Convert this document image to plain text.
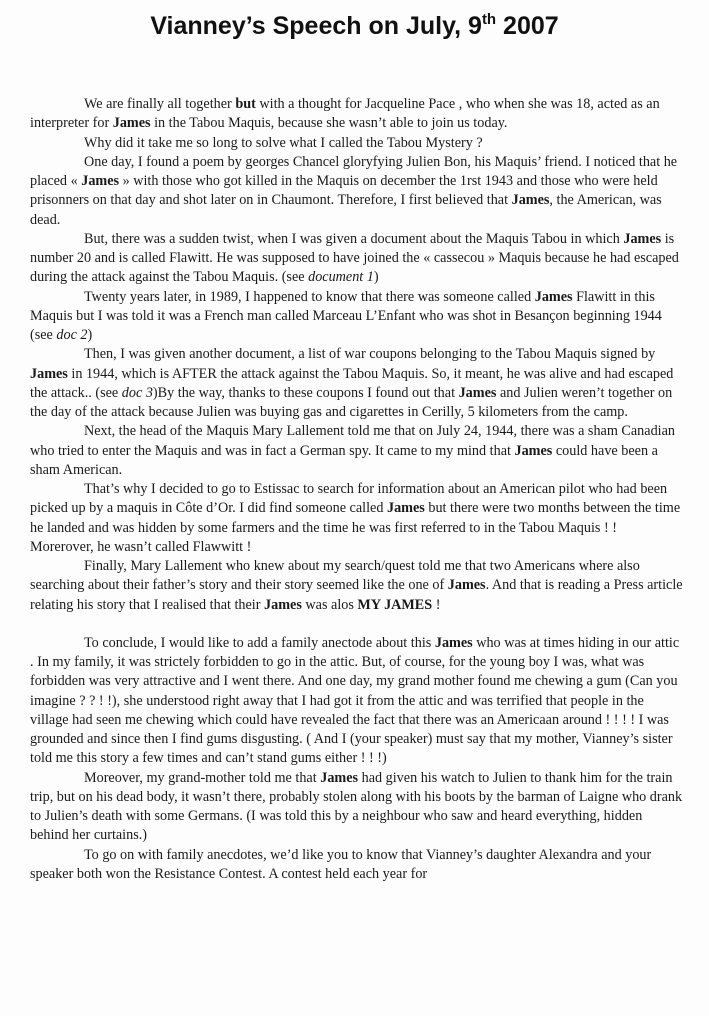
Vianney’s Speech on July, 9th 2007

We are finally all together but with a thought for Jacqueline Pace , who when she was 18, acted as an interpreter for James in the Tabou Maquis, because she wasn’t able to join us today.

Why did it take me so long to solve what I called the Tabou Mystery ?

One day, I found a poem by georges Chancel gloryfying Julien Bon, his Maquis’ friend. I noticed that he placed « James » with those who got killed in the Maquis on december the 1rst 1943 and those who were held prisonners on that day and shot later on in Chaumont. Therefore, I first believed that James, the American, was dead.

But, there was a sudden twist, when I was given a document about the Maquis Tabou in which James is number 20 and is called Flawitt. He was supposed to have joined the « cassecou » Maquis because he had escaped during the attack against the Tabou Maquis. (see document 1)

Twenty years later, in 1989, I happened to know that there was someone called James Flawitt in this Maquis but I was told it was a French man called Marceau L’Enfant who was shot in Besançon beginning 1944 (see doc 2)

Then, I was given another document, a list of war coupons belonging to the Tabou Maquis signed by James in 1944, which is AFTER the attack against the Tabou Maquis. So, it meant, he was alive and had escaped the attack.. (see doc 3)By the way, thanks to these coupons I found out that James and Julien weren’t together on the day of the attack because Julien was buying gas and cigarettes in Cerilly, 5 kilometers from the camp.

Next, the head of the Maquis Mary Lallement told me that on July 24, 1944, there was a sham Canadian who tried to enter the Maquis and was in fact a German spy. It came to my mind that James could have been a sham American.

That’s why I decided to go to Estissac to search for information about an American pilot who had been picked up by a maquis in Côte d’Or. I did find someone called James but there were two months between the time he landed and was hidden by some farmers and the time he was first referred to in the Tabou Maquis ! ! Morerover, he wasn’t called Flawwitt !

Finally, Mary Lallement who knew about my search/quest told me that two Americans where also searching about their father’s story and their story seemed like the one of James. And that is reading a Press article relating his story that I realised that their James was alos MY JAMES !

To conclude, I would like to add a family anectode about this James who was at times hiding in our attic . In my family, it was strictely forbidden to go in the attic. But, of course, for the young boy I was, what was forbidden was very attractive and I went there. And one day, my grand mother found me chewing a gum (Can you imagine ? ? ! !), she understood right away that I had got it from the attic and was terrified that people in the village had seen me chewing which could have revealed the fact that there was an Americaan around ! ! ! ! I was grounded and since then I find gums disgusting. ( And I (your speaker) must say that my mother, Vianney’s sister told me this story a few times and can’t stand gums either ! ! !)

Moreover, my grand-mother told me that James had given his watch to Julien to thank him for the train trip, but on his dead body, it wasn’t there, probably stolen along with his boots by the barman of Laigne who drank to Julien’s death with some Germans. (I was told this by a neighbour who saw and heard everything, hidden behind her curtains.)

To go on with family anecdotes, we’d like you to know that Vianney’s daughter Alexandra and your speaker both won the Resistance Contest. A contest held each year for
